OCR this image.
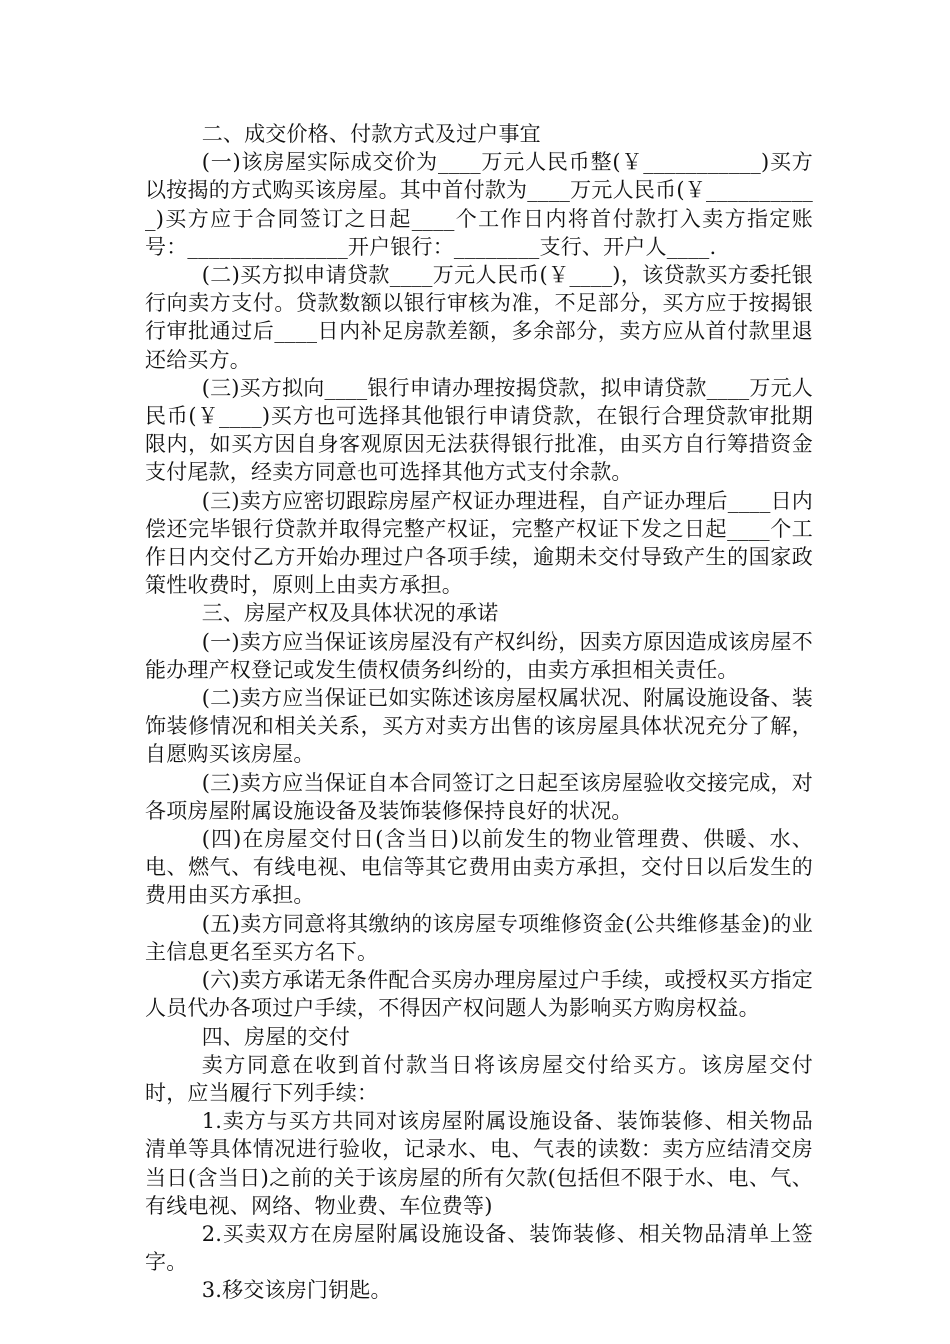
二、成交价格、付款方式及过户事宜

(一)该房屋实际成交价为____万元人民币整(￥___________)买方以按揭的方式购买该房屋。其中首付款为____万元人民币(￥___________)买方应于合同签订之日起____个工作日内将首付款打入卖方指定账号：_______________开户银行：________支行、开户人____.

(二)买方拟申请贷款____万元人民币(￥____)，该贷款买方委托银行向卖方支付。贷款数额以银行审核为准，不足部分，买方应于按揭银行审批通过后____日内补足房款差额，多余部分，卖方应从首付款里退还给买方。

(三)买方拟向____银行申请办理按揭贷款，拟申请贷款____万元人民币(￥____)买方也可选择其他银行申请贷款，在银行合理贷款审批期限内，如买方因自身客观原因无法获得银行批准，由买方自行筹措资金支付尾款，经卖方同意也可选择其他方式支付余款。

(三)卖方应密切跟踪房屋产权证办理进程，自产证办理后____日内偿还完毕银行贷款并取得完整产权证，完整产权证下发之日起____个工作日内交付乙方开始办理过户各项手续，逾期未交付导致产生的国家政策性收费时，原则上由卖方承担。

三、房屋产权及具体状况的承诺

(一)卖方应当保证该房屋没有产权纠纷，因卖方原因造成该房屋不能办理产权登记或发生债权债务纠纷的，由卖方承担相关责任。

(二)卖方应当保证已如实陈述该房屋权属状况、附属设施设备、装饰装修情况和相关关系，买方对卖方出售的该房屋具体状况充分了解，自愿购买该房屋。

(三)卖方应当保证自本合同签订之日起至该房屋验收交接完成，对各项房屋附属设施设备及装饰装修保持良好的状况。

(四)在房屋交付日(含当日)以前发生的物业管理费、供暖、水、电、燃气、有线电视、电信等其它费用由卖方承担，交付日以后发生的费用由买方承担。

(五)卖方同意将其缴纳的该房屋专项维修资金(公共维修基金)的业主信息更名至买方名下。

(六)卖方承诺无条件配合买房办理房屋过户手续，或授权买方指定人员代办各项过户手续，不得因产权问题人为影响买方购房权益。

四、房屋的交付

卖方同意在收到首付款当日将该房屋交付给买方。该房屋交付时，应当履行下列手续：

1.卖方与买方共同对该房屋附属设施设备、装饰装修、相关物品清单等具体情况进行验收，记录水、电、气表的读数：卖方应结清交房当日(含当日)之前的关于该房屋的所有欠款(包括但不限于水、电、气、有线电视、网络、物业费、车位费等)

2.买卖双方在房屋附属设施设备、装饰装修、相关物品清单上签字。

3.移交该房门钥匙。
